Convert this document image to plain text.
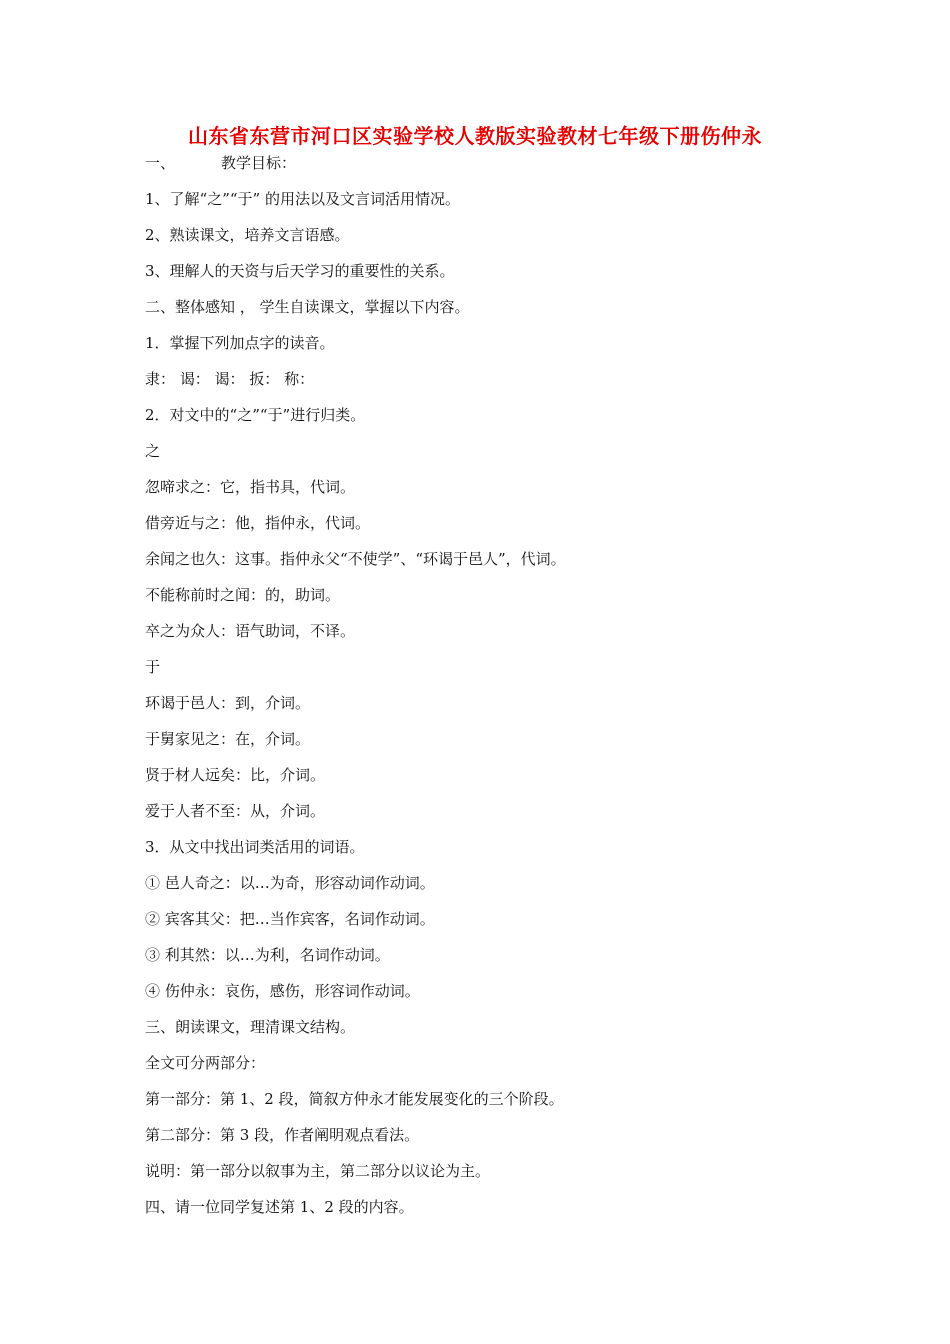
山东省东营市河口区实验学校人教版实验教材七年级下册伤仲永
一、	教学目标：
1、了解“之”“于” 的用法以及文言词活用情况。
2、熟读课文，培养文言语感。
3、理解人的天资与后天学习的重要性的关系。
二、整体感知 ， 学生自读课文，掌握以下内容。
1．掌握下列加点字的读音。
隶： 谒： 谒： 扳： 称：
2．对文中的“之”“于”进行归类。
之
忽啼求之：它，指书具，代词。
借旁近与之：他，指仲永，代词。
余闻之也久：这事。指仲永父“不使学”、“环谒于邑人”，代词。
不能称前时之闻：的，助词。
卒之为众人：语气助词，不译。
于
环谒于邑人：到，介词。
于舅家见之：在，介词。
贤于材人远矣：比，介词。
爱于人者不至：从，介词。
3．从文中找出词类活用的词语。
① 邑人奇之：以…为奇，形容动词作动词。
② 宾客其父：把…当作宾客，名词作动词。
③ 利其然：以…为利，名词作动词。
④ 伤仲永：哀伤，感伤，形容词作动词。
三、朗读课文，理清课文结构。
全文可分两部分：
第一部分：第 1、2 段，简叙方仲永才能发展变化的三个阶段。
第二部分：第 3 段，作者阐明观点看法。
说明：第一部分以叙事为主，第二部分以议论为主。
四、请一位同学复述第 1、2 段的内容。
